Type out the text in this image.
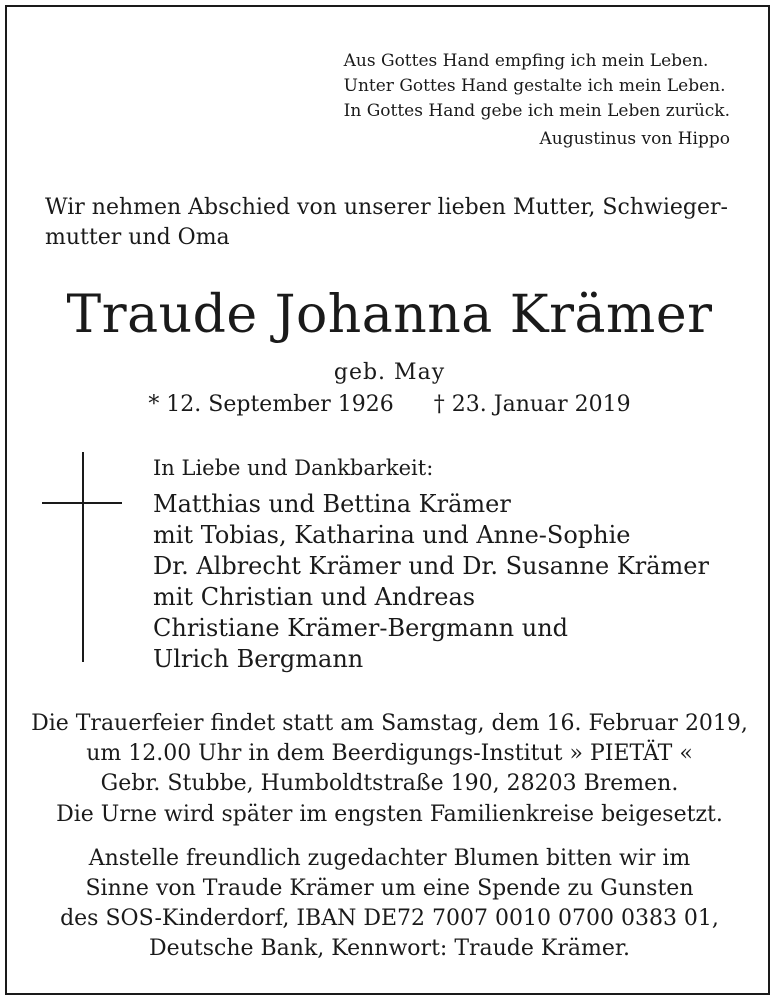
Aus Gottes Hand empfing ich mein Leben.
Unter Gottes Hand gestalte ich mein Leben.
In Gottes Hand gebe ich mein Leben zurück.
Augustinus von Hippo
Wir nehmen Abschied von unserer lieben Mutter, Schwieger-
mutter und Oma
Traude Johanna Krämer
geb. May
* 12. September 1926 † 23. Januar 2019
In Liebe und Dankbarkeit:
Matthias und Bettina Krämer
mit Tobias, Katharina und Anne-Sophie
Dr. Albrecht Krämer und Dr. Susanne Krämer
mit Christian und Andreas
Christiane Krämer-Bergmann und
Ulrich Bergmann
Die Trauerfeier findet statt am Samstag, dem 16. Februar 2019,
um 12.00 Uhr in dem Beerdigungs-Institut » PIETÄT «
Gebr. Stubbe, Humboldtstraße 190, 28203 Bremen.
Die Urne wird später im engsten Familienkreise beigesetzt.
Anstelle freundlich zugedachter Blumen bitten wir im
Sinne von Traude Krämer um eine Spende zu Gunsten
des SOS-Kinderdorf, IBAN DE72 7007 0010 0700 0383 01,
Deutsche Bank, Kennwort: Traude Krämer.
